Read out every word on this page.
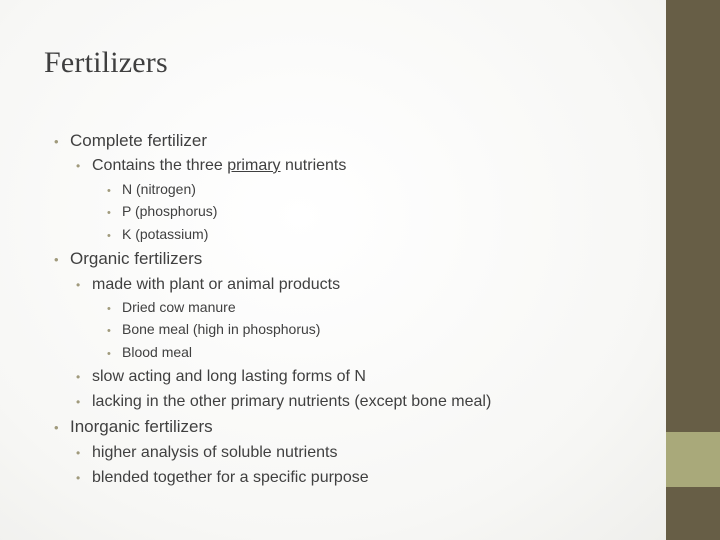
Fertilizers
• Complete fertilizer
• Contains the three primary nutrients
• N (nitrogen)
• P (phosphorus)
• K (potassium)
• Organic fertilizers
• made with plant or animal products
• Dried cow manure
• Bone meal (high in phosphorus)
• Blood meal
• slow acting and long lasting forms of N
• lacking in the other primary nutrients (except bone meal)
• Inorganic fertilizers
• higher analysis of soluble nutrients
• blended together for a specific purpose
